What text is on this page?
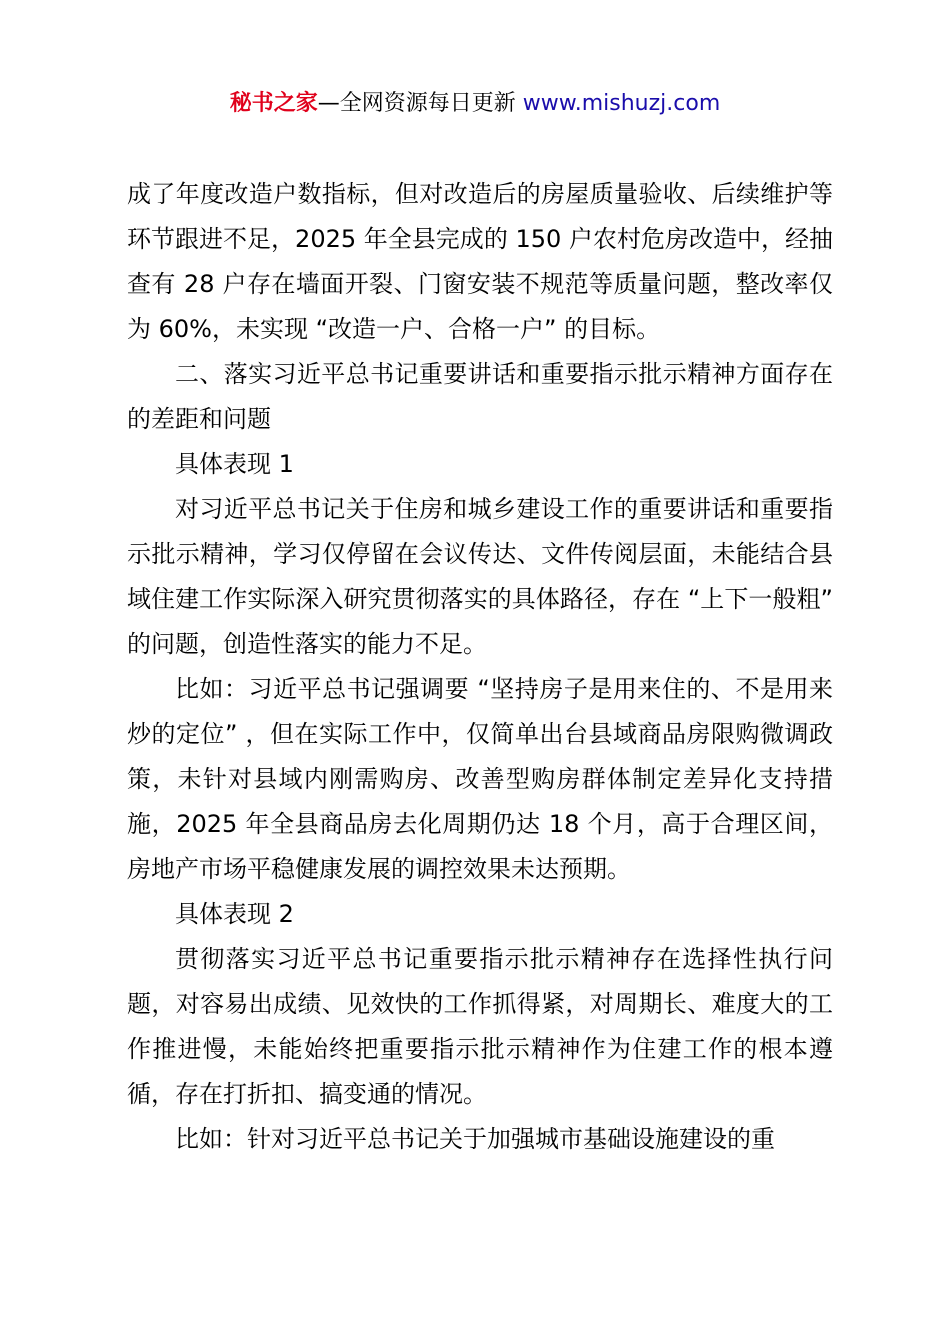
秘书之家—全网资源每日更新 www.mishuzj.com

成了年度改造户数指标，但对改造后的房屋质量验收、后续维护等环节跟进不足，2025 年全县完成的 150 户农村危房改造中，经抽查有 28 户存在墙面开裂、门窗安装不规范等质量问题，整改率仅为 60%，未实现 “改造一户、合格一户” 的目标。

二、落实习近平总书记重要讲话和重要指示批示精神方面存在的差距和问题

具体表现 1

对习近平总书记关于住房和城乡建设工作的重要讲话和重要指示批示精神，学习仅停留在会议传达、文件传阅层面，未能结合县域住建工作实际深入研究贯彻落实的具体路径，存在 “上下一般粗” 的问题，创造性落实的能力不足。

比如：习近平总书记强调要 “坚持房子是用来住的、不是用来炒的定位” ，但在实际工作中，仅简单出台县域商品房限购微调政策，未针对县域内刚需购房、改善型购房群体制定差异化支持措施，2025 年全县商品房去化周期仍达 18 个月，高于合理区间，房地产市场平稳健康发展的调控效果未达预期。

具体表现 2

贯彻落实习近平总书记重要指示批示精神存在选择性执行问题，对容易出成绩、见效快的工作抓得紧，对周期长、难度大的工作推进慢，未能始终把重要指示批示精神作为住建工作的根本遵循，存在打折扣、搞变通的情况。

比如：针对习近平总书记关于加强城市基础设施建设的重
